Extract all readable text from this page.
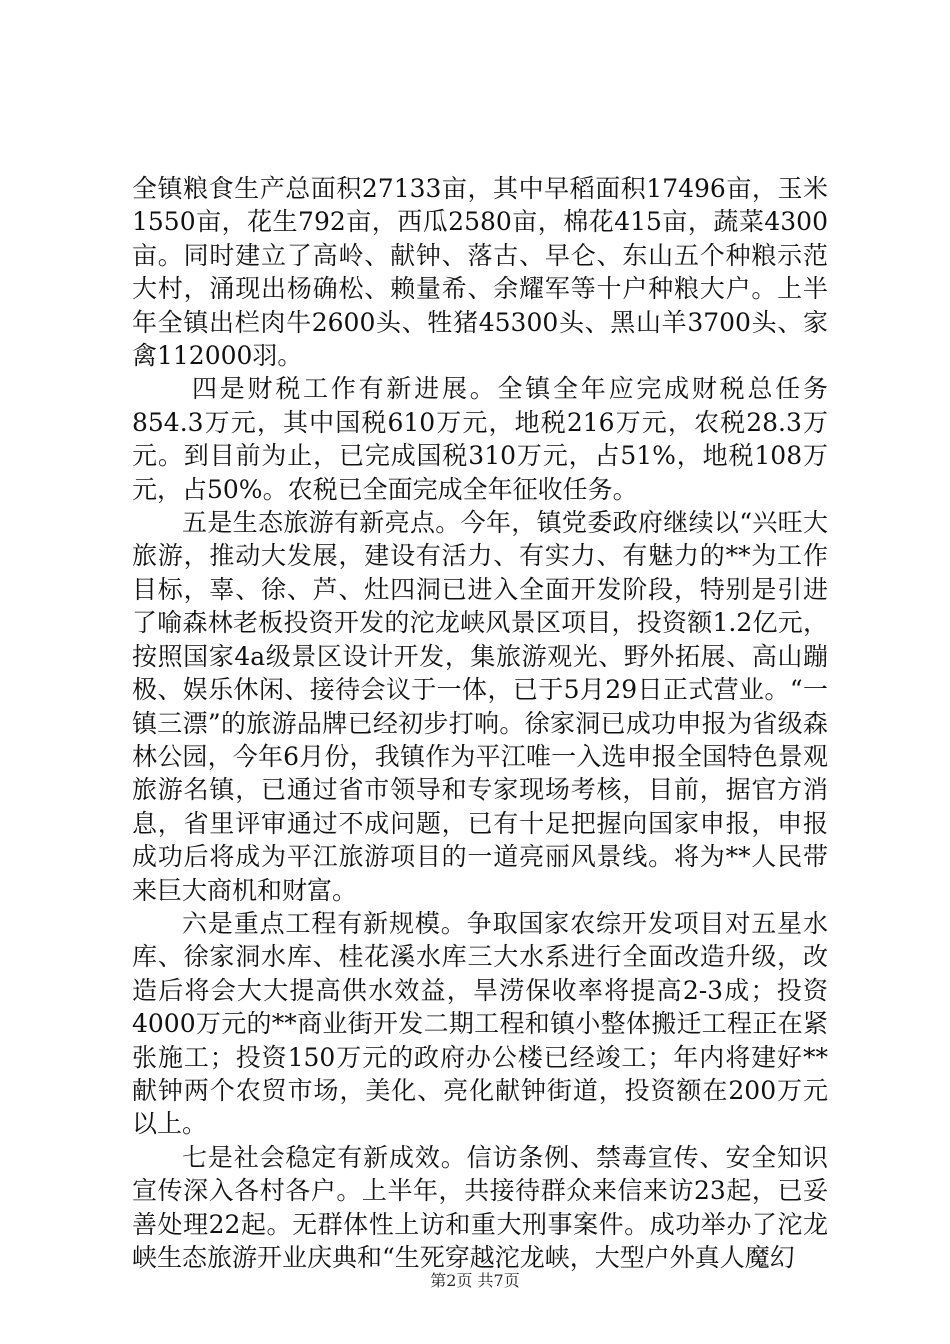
全镇粮食生产总面积27133亩，其中早稻面积17496亩，玉米1550亩，花生792亩，西瓜2580亩，棉花415亩，蔬菜4300亩。同时建立了高岭、献钟、落古、早仑、东山五个种粮示范大村，涌现出杨确松、赖量希、余耀军等十户种粮大户。上半年全镇出栏肉牛2600头、牲猪45300头、黑山羊3700头、家禽112000羽。

四是财税工作有新进展。全镇全年应完成财税总任务854.3万元，其中国税610万元，地税216万元，农税28.3万元。到目前为止，已完成国税310万元，占51%，地税108万元，占50%。农税已全面完成全年征收任务。

五是生态旅游有新亮点。今年，镇党委政府继续以“兴旺大旅游，推动大发展，建设有活力、有实力、有魅力的**为工作目标，辜、徐、芦、灶四洞已进入全面开发阶段，特别是引进了喻森林老板投资开发的沱龙峡风景区项目，投资额1.2亿元，按照国家4a级景区设计开发，集旅游观光、野外拓展、高山蹦极、娱乐休闲、接待会议于一体，已于5月29日正式营业。“一镇三漂”的旅游品牌已经初步打响。徐家洞已成功申报为省级森林公园，今年6月份，我镇作为平江唯一入选申报全国特色景观旅游名镇，已通过省市领导和专家现场考核，目前，据官方消息，省里评审通过不成问题，已有十足把握向国家申报，申报成功后将成为平江旅游项目的一道亮丽风景线。将为**人民带来巨大商机和财富。

六是重点工程有新规模。争取国家农综开发项目对五星水库、徐家洞水库、桂花溪水库三大水系进行全面改造升级，改造后将会大大提高供水效益，旱涝保收率将提高2-3成；投资4000万元的**商业街开发二期工程和镇小整体搬迁工程正在紧张施工；投资150万元的政府办公楼已经竣工；年内将建好**献钟两个农贸市场，美化、亮化献钟街道，投资额在200万元以上。

七是社会稳定有新成效。信访条例、禁毒宣传、安全知识宣传深入各村各户。上半年，共接待群众来信来访23起，已妥善处理22起。无群体性上访和重大刑事案件。成功举办了沱龙峡生态旅游开业庆典和“生死穿越沱龙峡，大型户外真人魔幻

第2页 共7页
